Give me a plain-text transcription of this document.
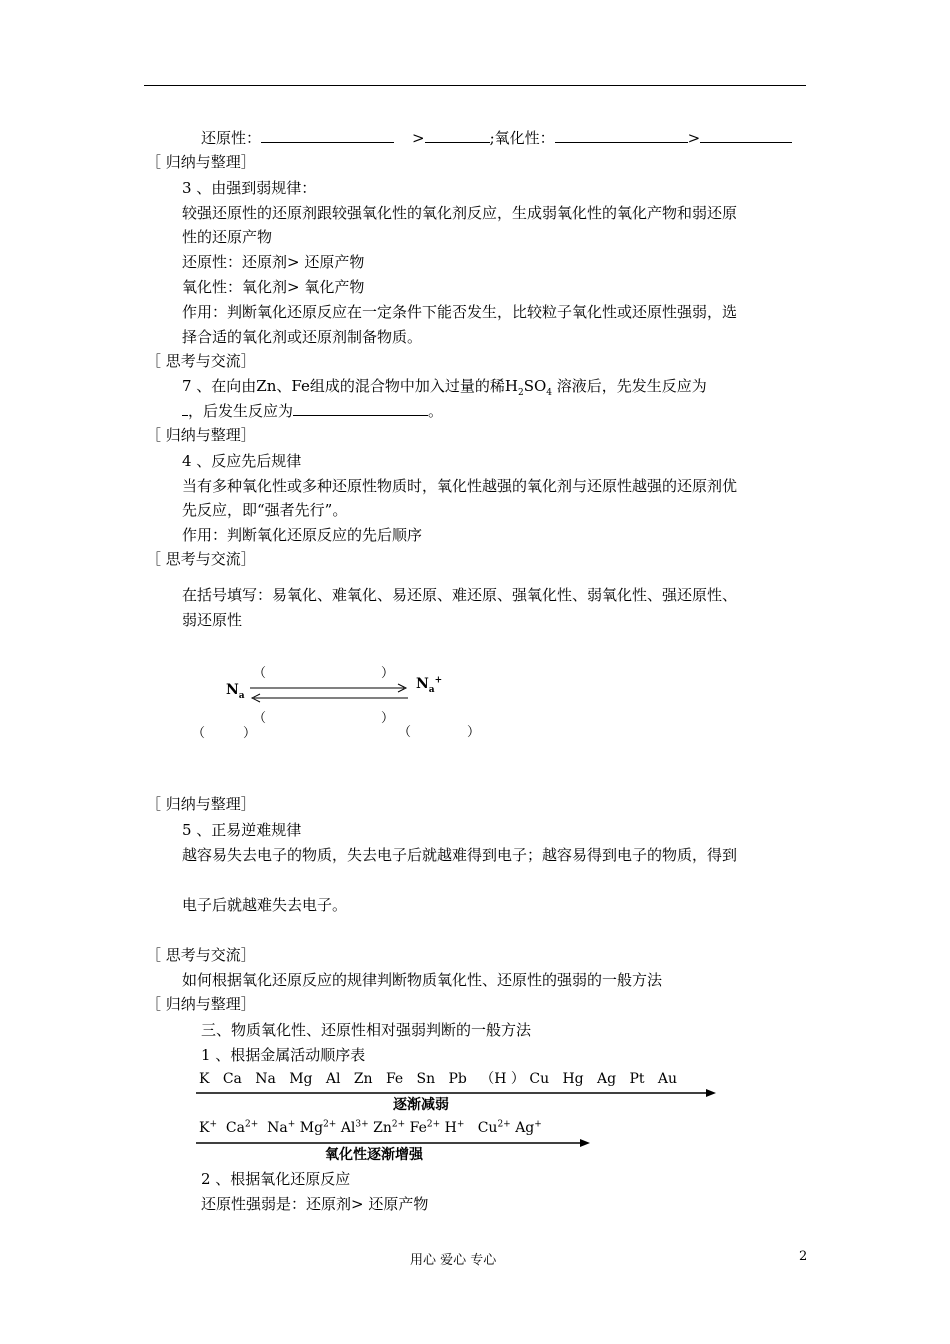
还原性：	>	;氧化性：	>
［ 归纳与整理］
3 、由强到弱规律：
较强还原性的还原剂跟较强氧化性的氧化剂反应，生成弱氧化性的氧化产物和弱还原
性的还原产物
还原性：还原剂> 还原产物
氧化性：氧化剂> 氧化产物
作用：判断氧化还原反应在一定条件下能否发生，比较粒子氧化性或还原性强弱，选
择合适的氧化剂或还原剂制备物质。
［ 思考与交流］
7 、在向由Zn、Fe组成的混合物中加入过量的稀$H_2SO_4$ 溶液后，先发生反应为
，后发生反应为	。
［ 归纳与整理］
4 、反应先后规律
当有多种氧化性或多种还原性物质时，氧化性越强的氧化剂与还原性越强的还原剂优
先反应，即“强者先行”。
作用：判断氧化还原反应的先后顺序
［ 思考与交流］
在括号填写：易氧化、难氧化、易还原、难还原、强氧化性、弱氧化性、强还原性、
弱还原性
（	）
$N_a$
$N_a^+$
（	）
（	）	（	）
［ 归纳与整理］
5 、正易逆难规律
越容易失去电子的物质，失去电子后就越难得到电子；越容易得到电子的物质，得到
电子后就越难失去电子。
［ 思考与交流］
如何根据氧化还原反应的规律判断物质氧化性、还原性的强弱的一般方法
［ 归纳与整理］
三、物质氧化性、还原性相对强弱判断的一般方法
1 、根据金属活动顺序表
K Ca Na Mg Al Zn Fe Sn Pb （H ） Cu Hg Ag Pt Au
逐渐减弱
K+ $Ca^{2+}$ Na+ $Mg^{2+}$ $Al^{3+}$ $Zn^{2+}$ $Fe^{2+}$ H+ $Cu^{2+}$ Ag+
氧化性逐渐增强
2 、根据氧化还原反应
还原性强弱是：还原剂> 还原产物
用心 爱心 专心	2
